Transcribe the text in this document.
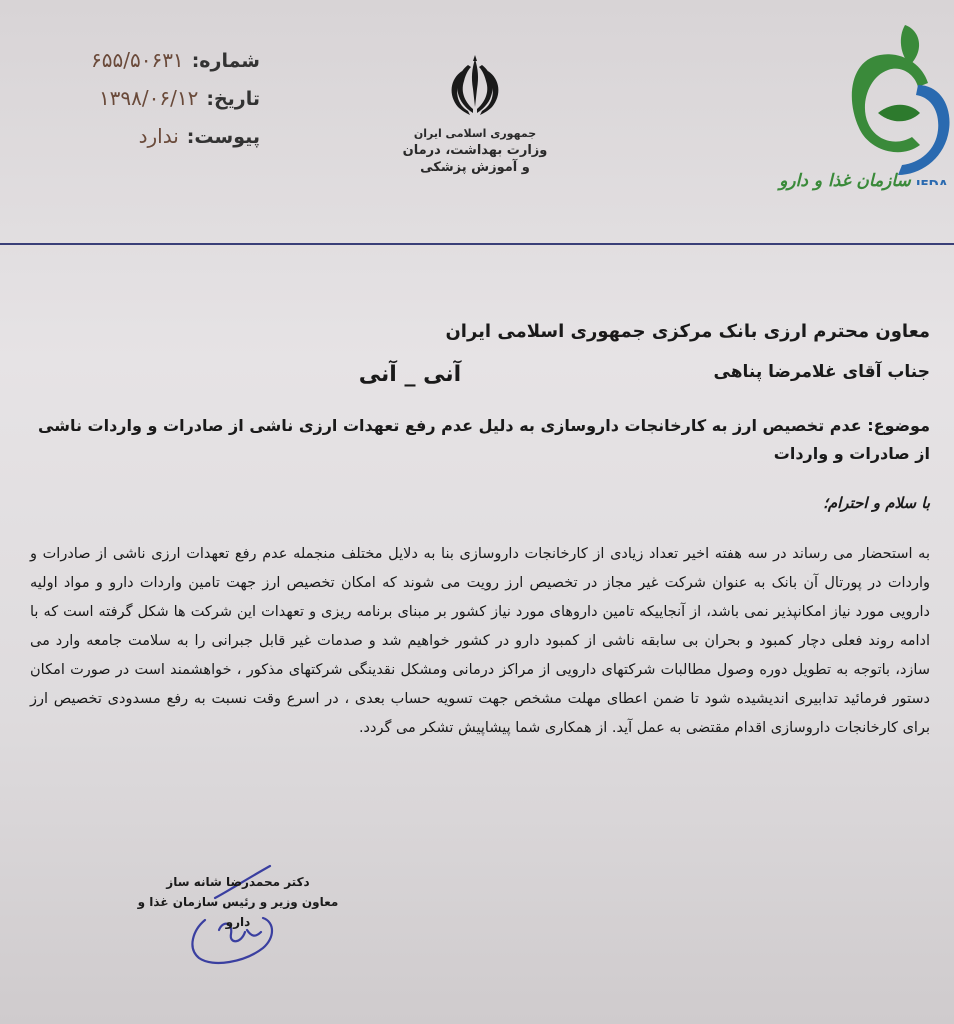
شماره:
۶۵۵/۵۰۶۳۱
تاریخ:
۱۳۹۸/۰۶/۱۲
پیوست:
ندارد	جمهوری اسلامی ایران
وزارت بهداشت، درمان
و آموزش پزشکی
IFDA
سازمان غذا و دارو
معاون محترم ارزی بانک مرکزی جمهوری اسلامی ایران
جناب آقای غلامرضا پناهی
آنی _ آنی
موضوع: عدم تخصیص ارز به کارخانجات داروسازی به دلیل عدم رفع تعهدات ارزی ناشی از صادرات و واردات ناشی از صادرات و واردات
با سلام و احترام؛
به استحضار می رساند در سه هفته اخیر تعداد زیادی از کارخانجات داروسازی بنا به دلایل مختلف منجمله عدم رفع تعهدات ارزی ناشی از صادرات و واردات در پورتال آن بانک به عنوان شرکت غیر مجاز در تخصیص ارز رویت می شوند که امکان تخصیص ارز جهت تامین واردات دارو و مواد اولیه دارویی مورد نیاز امکانپذیر نمی باشد، از آنجاییکه تامین داروهای مورد نیاز کشور بر مبنای برنامه ریزی و تعهدات این شرکت ها شکل گرفته است که با ادامه روند فعلی دچار کمبود و بحران بی سابقه ناشی از کمبود دارو در کشور خواهیم شد و صدمات غیر قابل جبرانی را به سلامت جامعه وارد می سازد، باتوجه به تطویل دوره وصول مطالبات شرکتهای دارویی از مراکز درمانی ومشکل نقدینگی شرکتهای مذکور ، خواهشمند است در صورت امکان دستور فرمائید تدابیری اندیشیده شود تا ضمن اعطای مهلت مشخص جهت تسویه حساب بعدی ، در اسرع وقت نسبت به رفع مسدودی تخصیص ارز برای کارخانجات داروسازی اقدام مقتضی به عمل آید. از همکاری شما پیشاپیش تشکر می گردد.
دکتر محمدرضا شانه ساز
معاون وزیر و رئیس سازمان غذا و دارو
